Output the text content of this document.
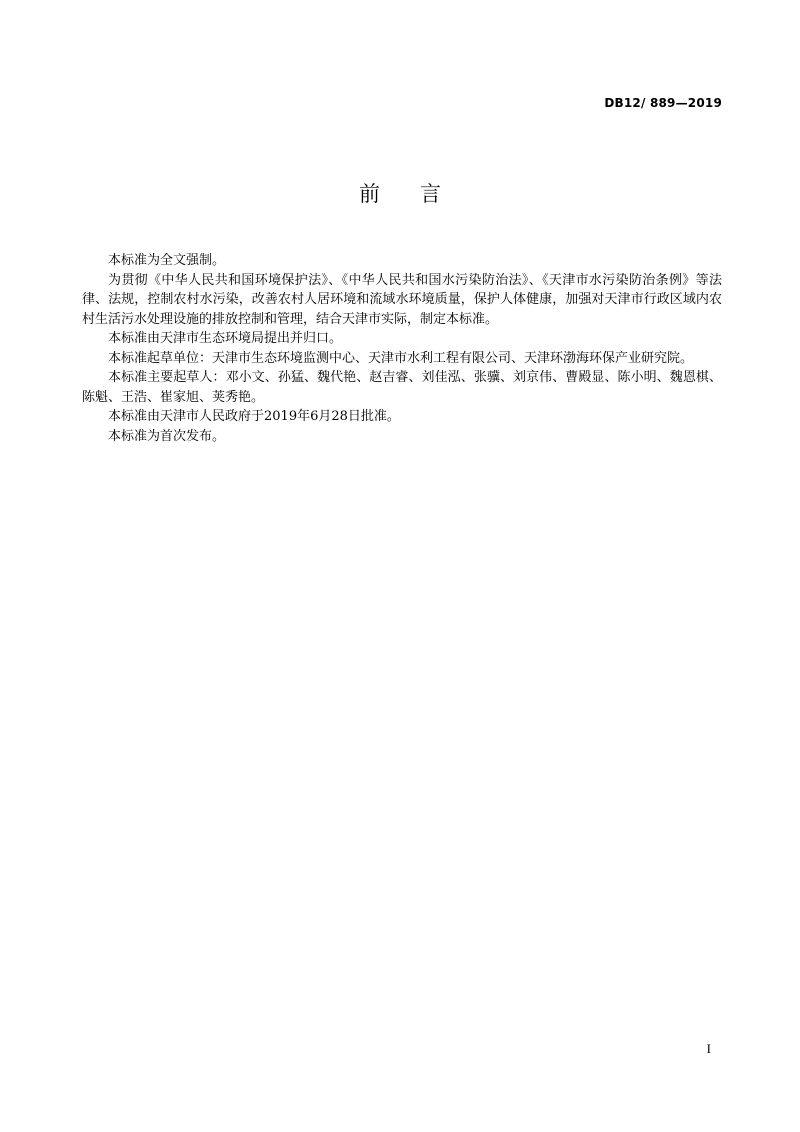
DB12/ 889—2019
前言

本标准为全文强制。

为贯彻《中华人民共和国环境保护法》、《中华人民共和国水污染防治法》、《天津市水污染防治条例》等法律、法规，控制农村水污染，改善农村人居环境和流域水环境质量，保护人体健康，加强对天津市行政区域内农村生活污水处理设施的排放控制和管理，结合天津市实际，制定本标准。

本标准由天津市生态环境局提出并归口。

本标准起草单位：天津市生态环境监测中心、天津市水利工程有限公司、天津环渤海环保产业研究院。

本标准主要起草人：邓小文、孙猛、魏代艳、赵吉睿、刘佳泓、张骥、刘京伟、曹殿显、陈小明、魏恩棋、陈魁、王浩、崔家旭、荚秀艳。

本标准由天津市人民政府于2019年6月28日批准。

本标准为首次发布。

I
